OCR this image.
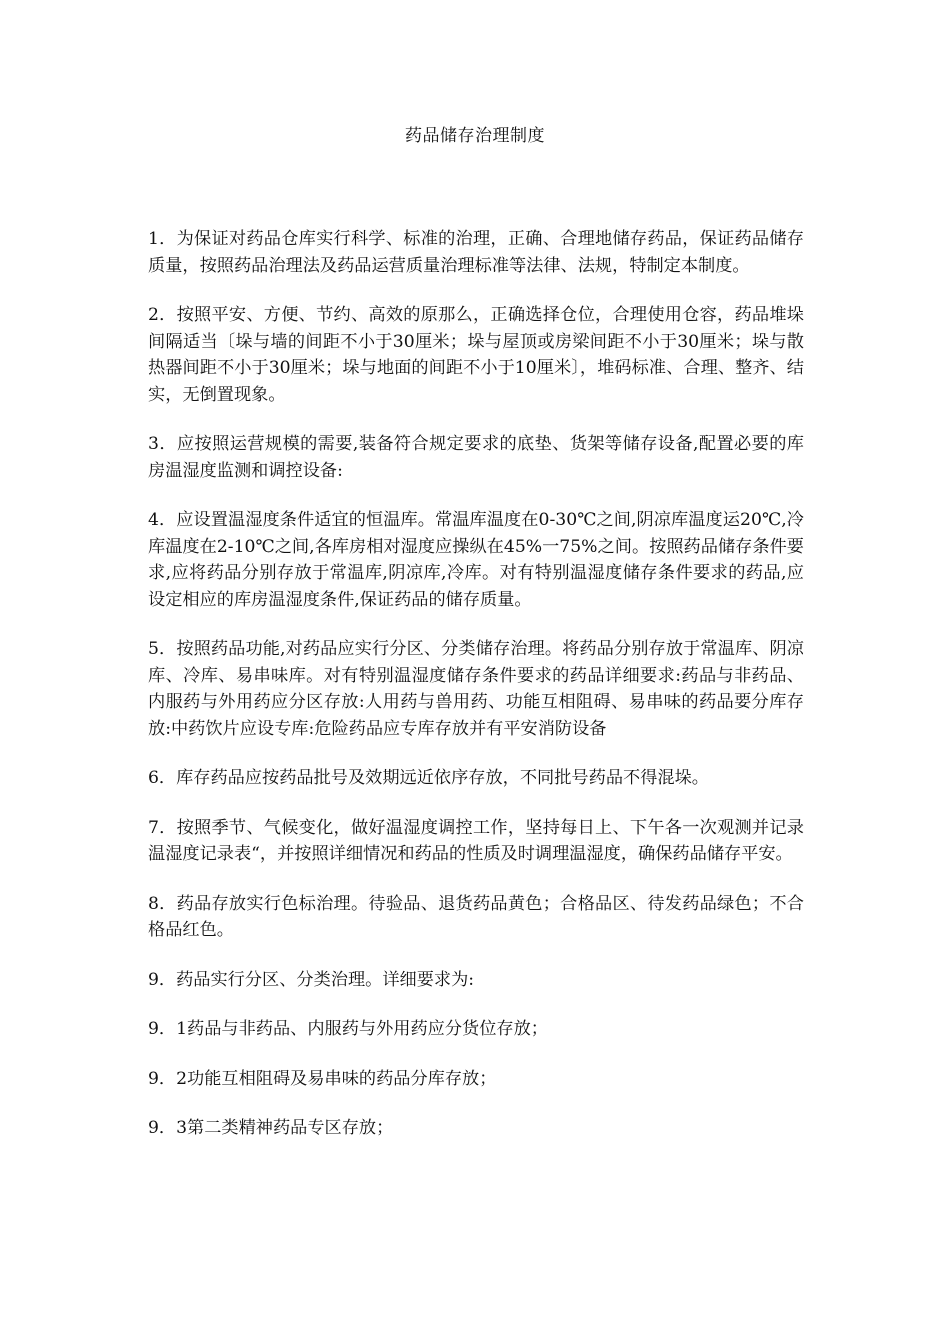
药品储存治理制度

1．为保证对药品仓库实行科学、标准的治理，正确、合理地储存药品，保证药品储存质量，按照药品治理法及药品运营质量治理标准等法律、法规，特制定本制度。

2．按照平安、方便、节约、高效的原那么，正确选择仓位，合理使用仓容，药品堆垛间隔适当〔垛与墙的间距不小于30厘米；垛与屋顶或房梁间距不小于30厘米；垛与散热器间距不小于30厘米；垛与地面的间距不小于10厘米〕，堆码标准、合理、整齐、结实，无倒置现象。

3．应按照运营规模的需要,装备符合规定要求的底垫、货架等储存设备,配置必要的库房温湿度监测和调控设备:

4．应设置温湿度条件适宜的恒温库。常温库温度在0-30℃之间,阴凉库温度运20℃,冷库温度在2-10℃之间,各库房相对湿度应操纵在45%一75%之间。按照药品储存条件要求,应将药品分别存放于常温库,阴凉库,冷库。对有特别温湿度储存条件要求的药品,应设定相应的库房温湿度条件,保证药品的储存质量。

5．按照药品功能,对药品应实行分区、分类储存治理。将药品分别存放于常温库、阴凉库、冷库、易串味库。对有特别温湿度储存条件要求的药品详细要求:药品与非药品、内服药与外用药应分区存放:人用药与兽用药、功能互相阻碍、易串味的药品要分库存放:中药饮片应设专库:危险药品应专库存放并有平安消防设备

6．库存药品应按药品批号及效期远近依序存放，不同批号药品不得混垛。

7．按照季节、气候变化，做好温湿度调控工作，坚持每日上、下午各一次观测并记录温湿度记录表“，并按照详细情况和药品的性质及时调理温湿度，确保药品储存平安。

8．药品存放实行色标治理。待验品、退货药品黄色；合格品区、待发药品绿色；不合格品红色。

9．药品实行分区、分类治理。详细要求为:

9．1药品与非药品、内服药与外用药应分货位存放；

9．2功能互相阻碍及易串味的药品分库存放；

9．3第二类精神药品专区存放；
